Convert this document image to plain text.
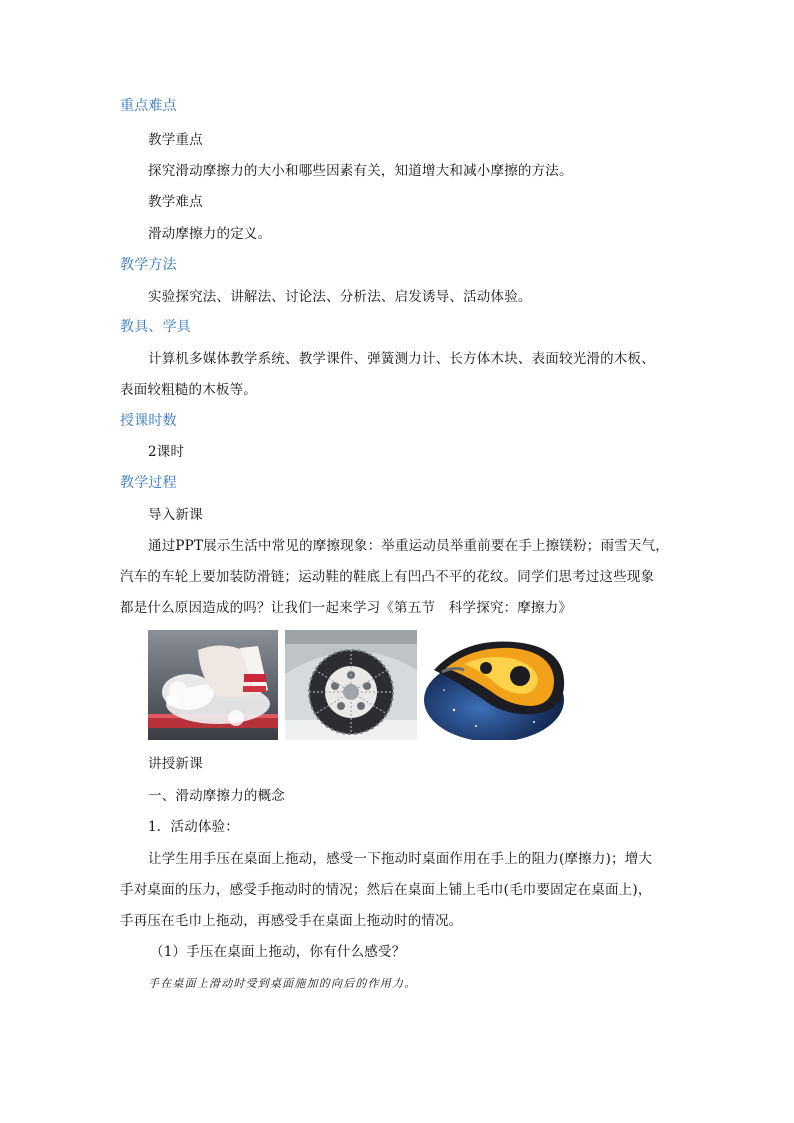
重点难点
教学重点
探究滑动摩擦力的大小和哪些因素有关，知道增大和减小摩擦的方法。
教学难点
滑动摩擦力的定义。
教学方法
实验探究法、讲解法、讨论法、分析法、启发诱导、活动体验。
教具、学具
计算机多媒体教学系统、教学课件、弹簧测力计、长方体木块、表面较光滑的木板、
表面较粗糙的木板等。
授课时数
2课时
教学过程
导入新课
通过PPT展示生活中常见的摩擦现象：举重运动员举重前要在手上擦镁粉；雨雪天气，
汽车的车轮上要加装防滑链；运动鞋的鞋底上有凹凸不平的花纹。同学们思考过这些现象
都是什么原因造成的吗？让我们一起来学习《第五节　科学探究：摩擦力》
讲授新课
一、滑动摩擦力的概念
1．活动体验：
让学生用手压在桌面上拖动，感受一下拖动时桌面作用在手上的阻力(摩擦力)；增大
手对桌面的压力，感受手拖动时的情况；然后在桌面上铺上毛巾(毛巾要固定在桌面上)，
手再压在毛巾上拖动，再感受手在桌面上拖动时的情况。
（1）手压在桌面上拖动，你有什么感受？
手在桌面上滑动时受到桌面施加的向后的作用力。
